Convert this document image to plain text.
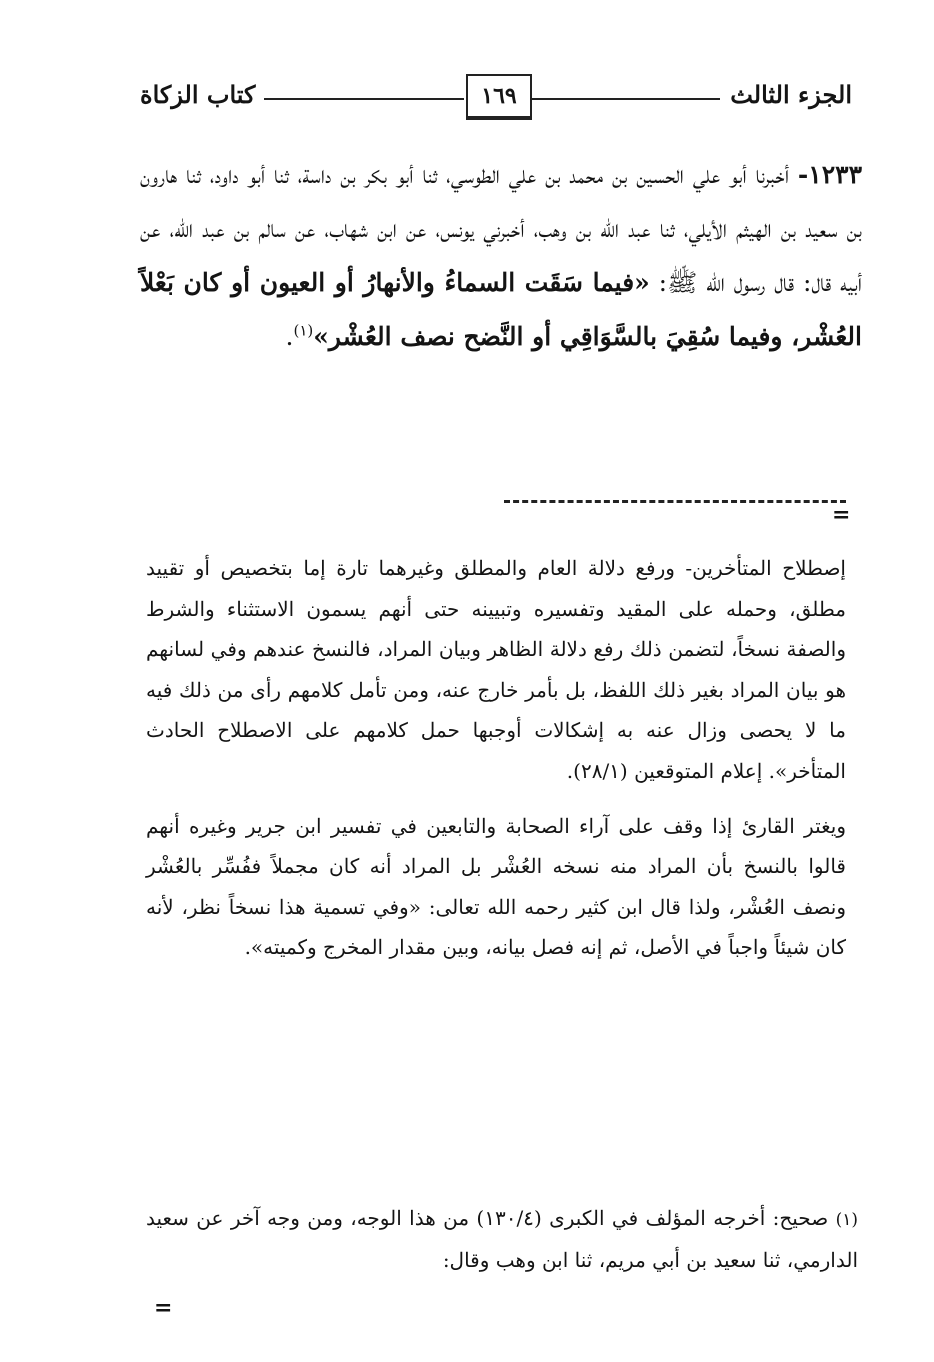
كتاب الزكاة	١٦٩	الجزء الثالث
١٢٣٣- أخبرنا أبو علي الحسين بن محمد بن علي الطوسي، ثنا أبو بكر بن داسة، ثنا أبو داود، ثنا هارون بن سعيد بن الهيثم الأيلي، ثنا عبد الله بن وهب، أخبرني يونس، عن ابن شهاب، عن سالم بن عبد الله، عن أبيه قال: قال رسول الله ﷺ: «فيما سَقَت السماءُ والأنهارُ أو العيون أو كان بَعْلاً العُشْر، وفيما سُقِيَ بالسَّوَاقِي أو النَّضح نصف العُشْر»$^{(١)}$.
=

إصطلاح المتأخرين- ورفع دلالة العام والمطلق وغيرهما تارة إما بتخصيص أو تقييد مطلق، وحمله على المقيد وتفسيره وتبيينه حتى أنهم يسمون الاستثناء والشرط والصفة نسخاً، لتضمن ذلك رفع دلالة الظاهر وبيان المراد، فالنسخ عندهم وفي لسانهم هو بيان المراد بغير ذلك اللفظ، بل بأمر خارج عنه، ومن تأمل كلامهم رأى من ذلك فيه ما لا يحصى وزال عنه به إشكالات أوجبها حمل كلامهم على الاصطلاح الحادث المتأخر». إعلام المتوقعين (٢٨/١).

ويغتر القارئ إذا وقف على آراء الصحابة والتابعين في تفسير ابن جرير وغيره أنهم قالوا بالنسخ بأن المراد منه نسخه العُشْر بل المراد أنه كان مجملاً ففُسِّر بالعُشْر ونصف العُشْر، ولذا قال ابن كثير رحمه الله تعالى: «وفي تسمية هذا نسخاً نظر، لأنه كان شيئاً واجباً في الأصل، ثم إنه فصل بيانه، وبين مقدار المخرج وكميته».

(١) صحيح: أخرجه المؤلف في الكبرى (١٣٠/٤) من هذا الوجه، ومن وجه آخر عن سعيد الدارمي، ثنا سعيد بن أبي مريم، ثنا ابن وهب وقال:
=
